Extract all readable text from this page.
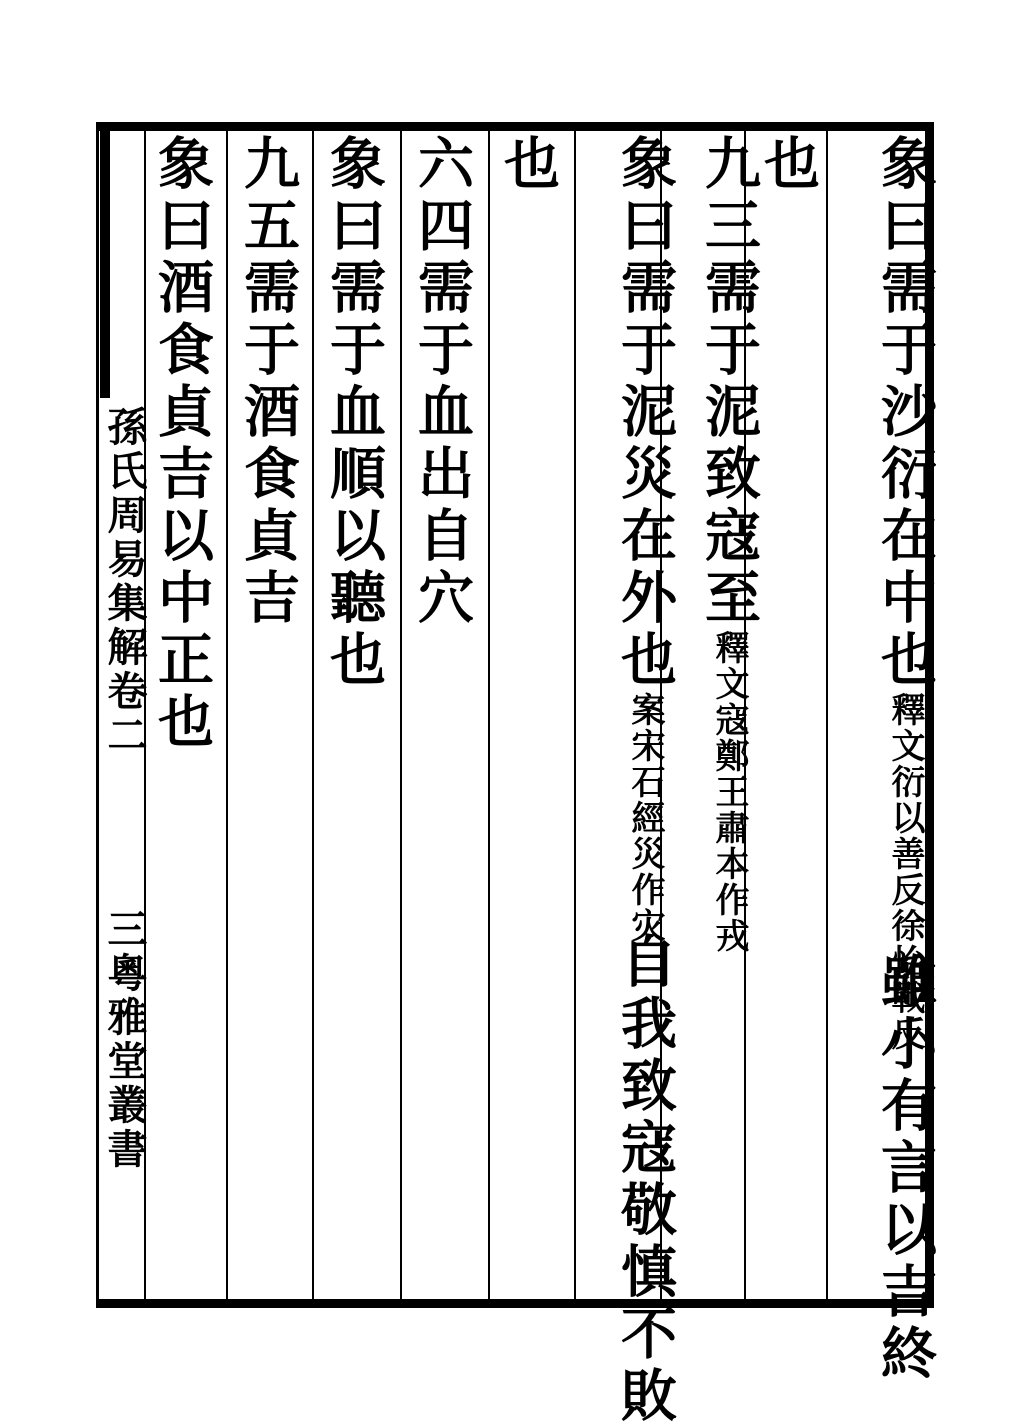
象曰需于沙衍在中也釋文衍以善反徐怡戰反雖小有言以吉終
也
九三需于泥致寇至釋文寇鄭王肅本作戎
象曰需于泥災在外也案宋石經災作灾自我致寇敬慎不敗
也
六四需于血出自穴
象曰需于血順以聽也
九五需于酒食貞吉
象曰酒食貞吉以中正也
孫氏周易集解卷二三粵雅堂叢書
